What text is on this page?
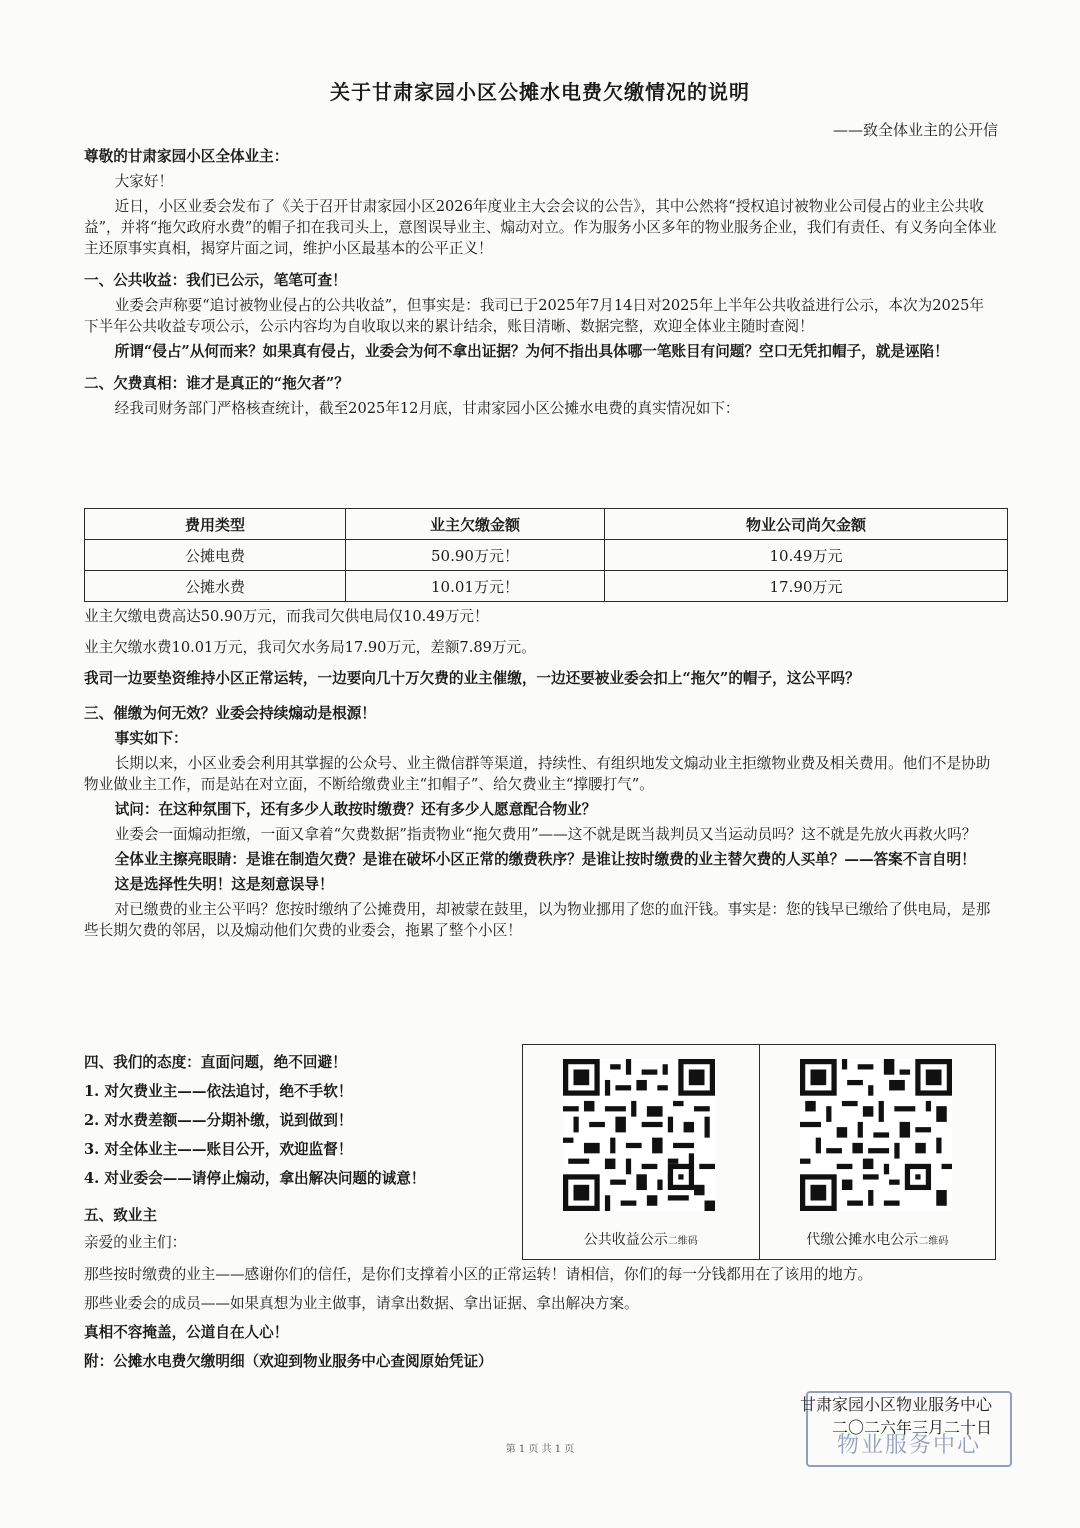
关于甘肃家园小区公摊水电费欠缴情况的说明
——致全体业主的公开信

尊敬的甘肃家园小区全体业主：

大家好！

近日，小区业委会发布了《关于召开甘肃家园小区2026年度业主大会会议的公告》，其中公然将“授权追讨被物业公司侵占的业主公共收益”，并将“拖欠政府水费”的帽子扣在我司头上，意图误导业主、煽动对立。作为服务小区多年的物业服务企业，我们有责任、有义务向全体业主还原事实真相，揭穿片面之词，维护小区最基本的公平正义！

一、公共收益：我们已公示，笔笔可查！

业委会声称要“追讨被物业侵占的公共收益”，但事实是：我司已于2025年7月14日对2025年上半年公共收益进行公示，本次为2025年下半年公共收益专项公示，公示内容均为自收取以来的累计结余，账目清晰、数据完整，欢迎全体业主随时查阅！

所谓“侵占”从何而来？如果真有侵占，业委会为何不拿出证据？为何不指出具体哪一笔账目有问题？空口无凭扣帽子，就是诬陷！

二、欠费真相：谁才是真正的“拖欠者”？

经我司财务部门严格核查统计，截至2025年12月底，甘肃家园小区公摊水电费的真实情况如下：

费用类型	业主欠缴金额	物业公司尚欠金额
公摊电费	50.90万元！	10.49万元
公摊水费	10.01万元！	17.90万元

业主欠缴电费高达50.90万元，而我司欠供电局仅10.49万元！

业主欠缴水费10.01万元，我司欠水务局17.90万元，差额7.89万元。

我司一边要垫资维持小区正常运转，一边要向几十万欠费的业主催缴，一边还要被业委会扣上“拖欠”的帽子，这公平吗？

三、催缴为何无效？业委会持续煽动是根源！

事实如下：

长期以来，小区业委会利用其掌握的公众号、业主微信群等渠道，持续性、有组织地发文煽动业主拒缴物业费及相关费用。他们不是协助物业做业主工作，而是站在对立面，不断给缴费业主“扣帽子”、给欠费业主“撑腰打气”。

试问：在这种氛围下，还有多少人敢按时缴费？还有多少人愿意配合物业？

业委会一面煽动拒缴，一面又拿着“欠费数据”指责物业“拖欠费用”——这不就是既当裁判员又当运动员吗？这不就是先放火再救火吗？

全体业主擦亮眼睛：是谁在制造欠费？是谁在破坏小区正常的缴费秩序？是谁让按时缴费的业主替欠费的人买单？——答案不言自明！

这是选择性失明！这是刻意误导！

对已缴费的业主公平吗？您按时缴纳了公摊费用，却被蒙在鼓里，以为物业挪用了您的血汗钱。事实是：您的钱早已缴给了供电局，是那些长期欠费的邻居，以及煽动他们欠费的业委会，拖累了整个小区！

四、我们的态度：直面问题，绝不回避！

1. 对欠费业主——依法追讨，绝不手软！

2. 对水费差额——分期补缴，说到做到！

3. 对全体业主——账目公开，欢迎监督！

4. 对业委会——请停止煽动，拿出解决问题的诚意！

五、致业主

亲爱的业主们：	公共收益公示二维码	代缴公摊水电公示二维码

那些按时缴费的业主——感谢你们的信任，是你们支撑着小区的正常运转！请相信，你们的每一分钱都用在了该用的地方。

那些业委会的成员——如果真想为业主做事，请拿出数据、拿出证据、拿出解决方案。

真相不容掩盖，公道自在人心！

附：公摊水电费欠缴明细（欢迎到物业服务中心查阅原始凭证）

物业服务中心
甘肃家园小区物业服务中心
二〇二六年三月二十日
第 1 页 共 1 页
